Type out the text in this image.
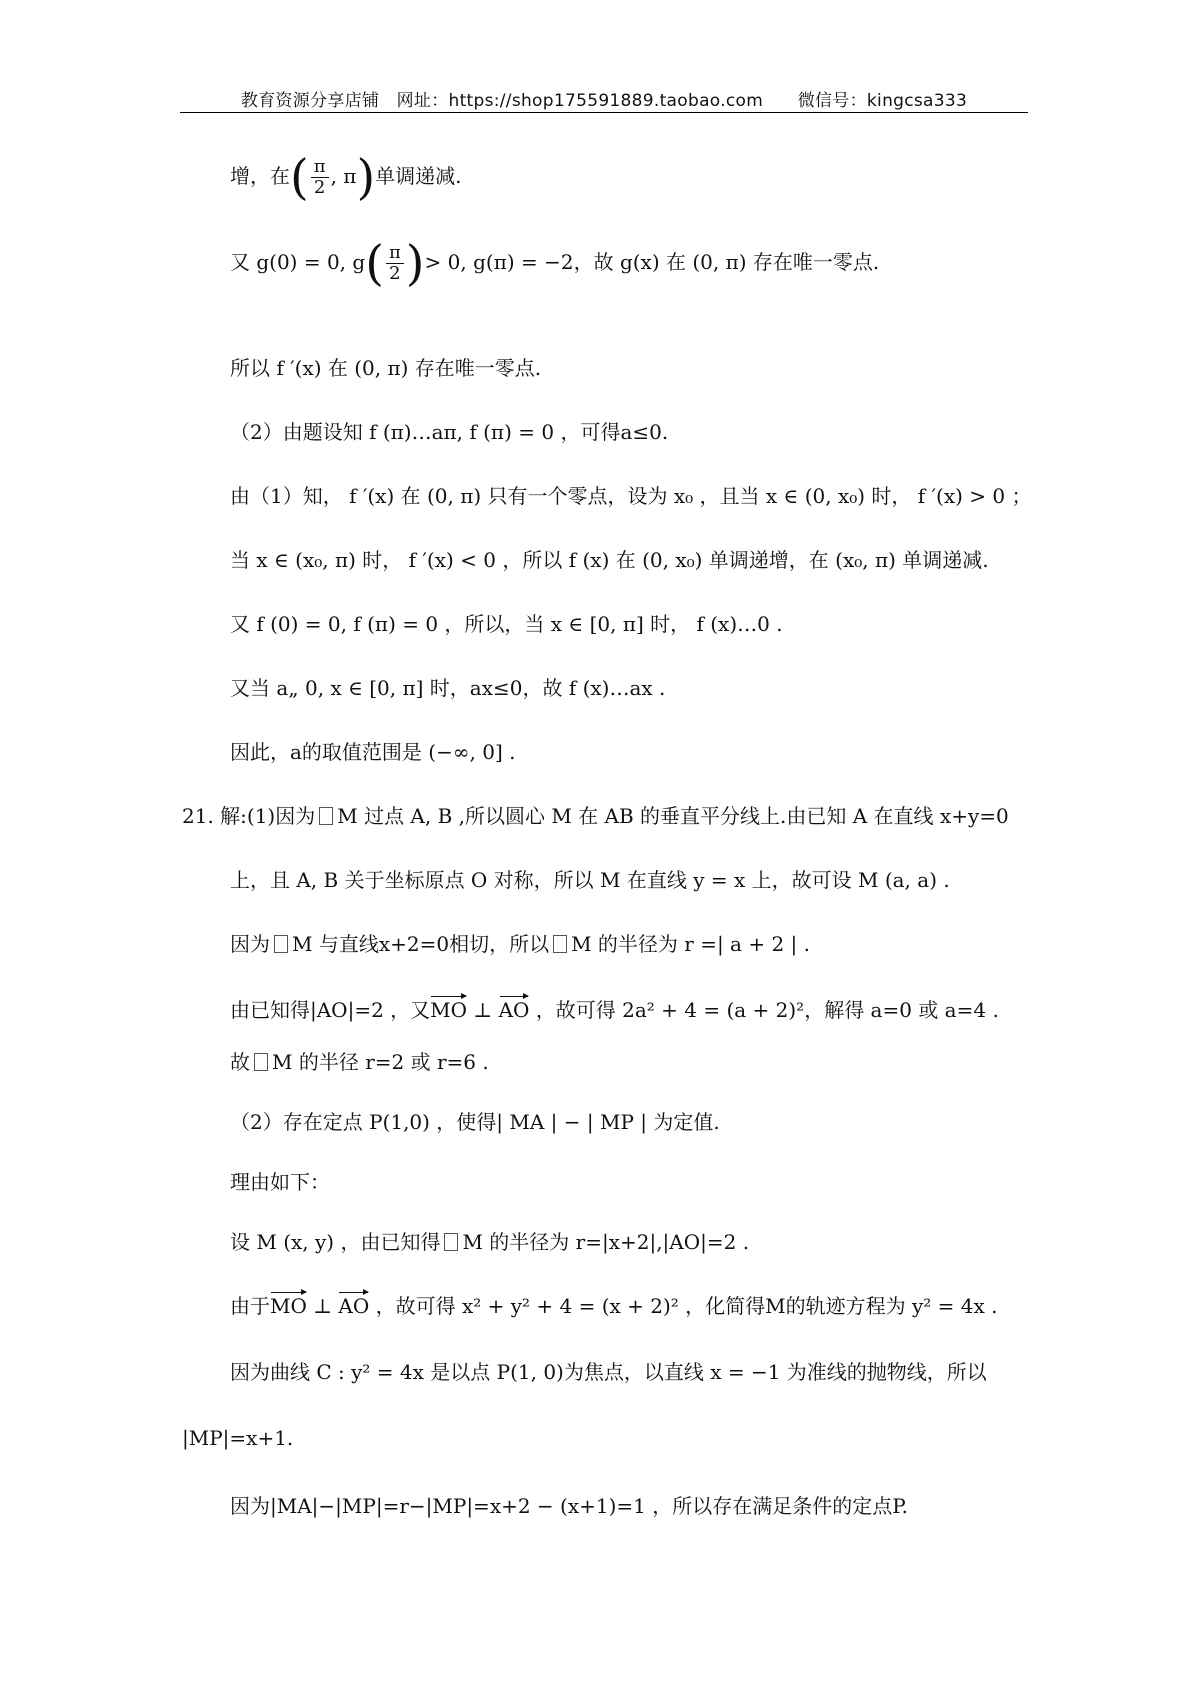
教育资源分享店铺　网址：https://shop175591889.taobao.com　　微信号：kingcsa333
增，在( $\frac{\pi}{2}$ , π)单调递减.
又 g(0) = 0, $g( \frac{\pi}{2}$ )> 0, g(π) = −2，故 g(x) 在 (0, π) 存在唯一零点.
所以 f ′(x) 在 (0, π) 存在唯一零点.
（2）由题设知 f (π)…aπ, f (π) = 0 ，可得a≤0.
由（1）知， f ′(x) 在 (0, π) 只有一个零点，设为 x₀ ，且当 x ∈ (0, x₀) 时， f ′(x) > 0 ；
当 x ∈ (x₀, π) 时， f ′(x) < 0 ，所以 f (x) 在 (0, x₀) 单调递增，在 (x₀, π) 单调递减.
又 f (0) = 0, f (π) = 0 ，所以，当 x ∈ [0, π] 时， f (x)…0 .
又当 a„ 0, x ∈ [0, π] 时，ax≤0，故 f (x)…ax .
因此，a的取值范围是 (−∞, 0] .
21. 解:(1)因为 M 过点 A, B ,所以圆心 M 在 AB 的垂直平分线上.由已知 A 在直线 x+y=0
上，且 A, B 关于坐标原点 O 对称，所以 M 在直线 y = x 上，故可设 M (a, a) .
因为 M 与直线x+2=0相切，所以 M 的半径为 r =| a + 2 | .
由已知得|AO|=2 ，又MO ⊥ AO ，故可得 2a² + 4 = (a + 2)²，解得 a=0 或 a=4 .
故 M 的半径 r=2 或 r=6 .
（2）存在定点 P(1,0) ，使得| MA | − | MP | 为定值.
理由如下：
设 M (x, y) ，由已知得 M 的半径为 r=|x+2|,|AO|=2 .
由于MO ⊥ AO ，故可得 x² + y² + 4 = (x + 2)² ，化简得M的轨迹方程为 y² = 4x .
因为曲线 C : y² = 4x 是以点 P(1, 0)为焦点，以直线 x = −1 为准线的抛物线，所以
|MP|=x+1.
因为|MA|−|MP|=r−|MP|=x+2 − (x+1)=1 ，所以存在满足条件的定点P.
